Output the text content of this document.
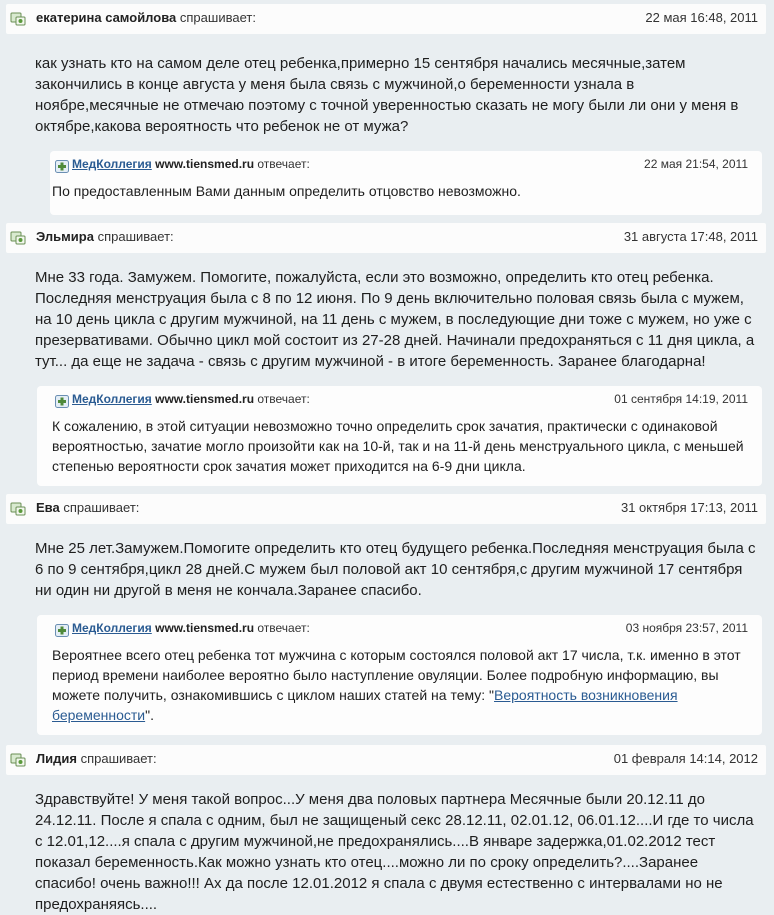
екатерина самойлова спрашивает:	22 мая 16:48, 2011
как узнать кто на самом деле отец ребенка,примерно 15 сентября начались месячные,затем закончились в конце августа у меня была связь с мужчиной,о беременности узнала в ноябре,месячные не отмечаю поэтому с точной уверенностью сказать не могу были ли они у меня в октябре,какова вероятность что ребенок не от мужа?
МедКоллегия www.tiensmed.ru отвечает:	22 мая 21:54, 2011
По предоставленным Вами данным определить отцовство невозможно.
Эльмира спрашивает:	31 августа 17:48, 2011
Мне 33 года. Замужем. Помогите, пожалуйста, если это возможно, определить кто отец ребенка. Последняя менструация была с 8 по 12 июня. По 9 день включительно половая связь была с мужем, на 10 день цикла с другим мужчиной, на 11 день с мужем, в последующие дни тоже с мужем, но уже с презервативами. Обычно цикл мой состоит из 27-28 дней. Начинали предохраняться с 11 дня цикла, а тут... да еще не задача - связь с другим мужчиной - в итоге беременность. Заранее благодарна!
МедКоллегия www.tiensmed.ru отвечает:	01 сентября 14:19, 2011
К сожалению, в этой ситуации невозможно точно определить срок зачатия, практически с одинаковой вероятностью, зачатие могло произойти как на 10-й, так и на 11-й день менструального цикла, с меньшей степенью вероятности срок зачатия может приходится на 6-9 дни цикла.
Ева спрашивает:	31 октября 17:13, 2011
Мне 25 лет.Замужем.Помогите определить кто отец будущего ребенка.Последняя менструация была с 6 по 9 сентября,цикл 28 дней.С мужем был половой акт 10 сентября,с другим мужчиной 17 сентября ни один ни другой в меня не кончала.Заранее спасибо.
МедКоллегия www.tiensmed.ru отвечает:	03 ноября 23:57, 2011
Вероятнее всего отец ребенка тот мужчина с которым состоялся половой акт 17 числа, т.к. именно в этот период времени наиболее вероятно было наступление овуляции. Более подробную информацию, вы можете получить, ознакомившись с циклом наших статей на тему: "Вероятность возникновения беременности".
Лидия спрашивает:	01 февраля 14:14, 2012
Здравствуйте! У меня такой вопрос...У меня два половых партнера Месячные были 20.12.11 до 24.12.11. После я спала с одним, был не защищеный секс 28.12.11, 02.01.12, 06.01.12....И где то числа с 12.01,12....я спала с другим мужчиной,не предохранялись....В январе задержка,01.02.2012 тест показал беременность.Как можно узнать кто отец....можно ли по сроку определить?....Заранее спасибо! очень важно!!! Ах да после 12.01.2012 я спала с двумя естественно с интервалами но не предохраняясь....
